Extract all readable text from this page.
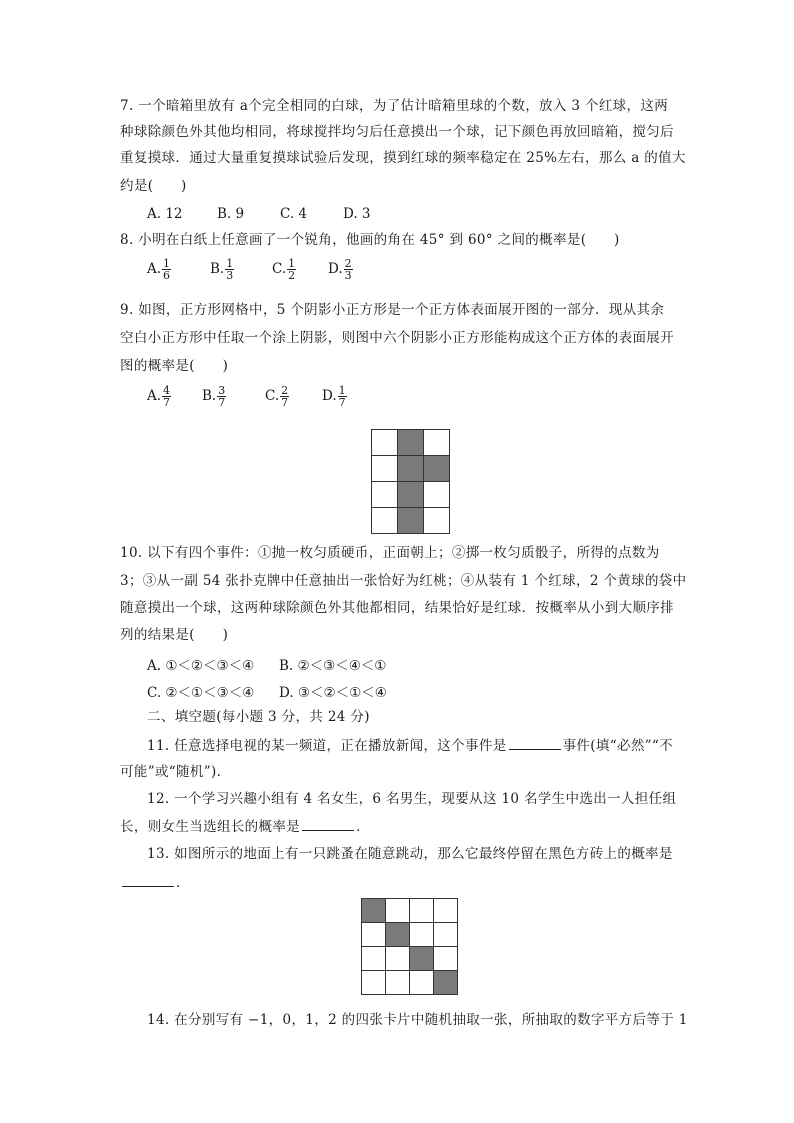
7. 一个暗箱里放有 a个完全相同的白球，为了估计暗箱里球的个数，放入 3 个红球，这两
种球除颜色外其他均相同，将球搅拌均匀后任意摸出一个球，记下颜色再放回暗箱，搅匀后
重复摸球．通过大量重复摸球试验后发现，摸到红球的频率稳定在 25%左右，那么 a 的值大
约是(　　)
A. 12	B. 9	C. 4	D. 3
8. 小明在白纸上任意画了一个锐角，他画的角在 45° 到 60° 之间的概率是(　　)
A. $\frac{1}{6}$	B. $\frac{1}{3}$	C. $\frac{1}{2} D$. $\frac{2}{3}$
9. 如图，正方形网格中，5 个阴影小正方形是一个正方体表面展开图的一部分．现从其余
空白小正方形中任取一个涂上阴影，则图中六个阴影小正方形能构成这个正方体的表面展开
图的概率是(　　)
A. $\frac{4}{7} B$. $\frac{3}{7}$	C. $\frac{2}{7} D$. $\frac{1}{7}$

10. 以下有四个事件：①抛一枚匀质硬币，正面朝上；②掷一枚匀质骰子，所得的点数为
3；③从一副 54 张扑克牌中任意抽出一张恰好为红桃；④从装有 1 个红球，2 个黄球的袋中
随意摸出一个球，这两种球除颜色外其他都相同，结果恰好是红球．按概率从小到大顺序排
列的结果是(　　)
A. ①＜②＜③＜④ B. ②＜③＜④＜①
C. ②＜①＜③＜④ D. ③＜②＜①＜④
二、填空题(每小题 3 分，共 24 分)
11. 任意选择电视的某一频道，正在播放新闻，这个事件是	事件(填“必然”“不
可能”或“随机”)．
12. 一个学习兴趣小组有 4 名女生，6 名男生，现要从这 10 名学生中选出一人担任组
长，则女生当选组长的概率是	．
13. 如图所示的地面上有一只跳蚤在随意跳动，那么它最终停留在黑色方砖上的概率是
．

14. 在分别写有 −1，0，1，2 的四张卡片中随机抽取一张，所抽取的数字平方后等于 1
